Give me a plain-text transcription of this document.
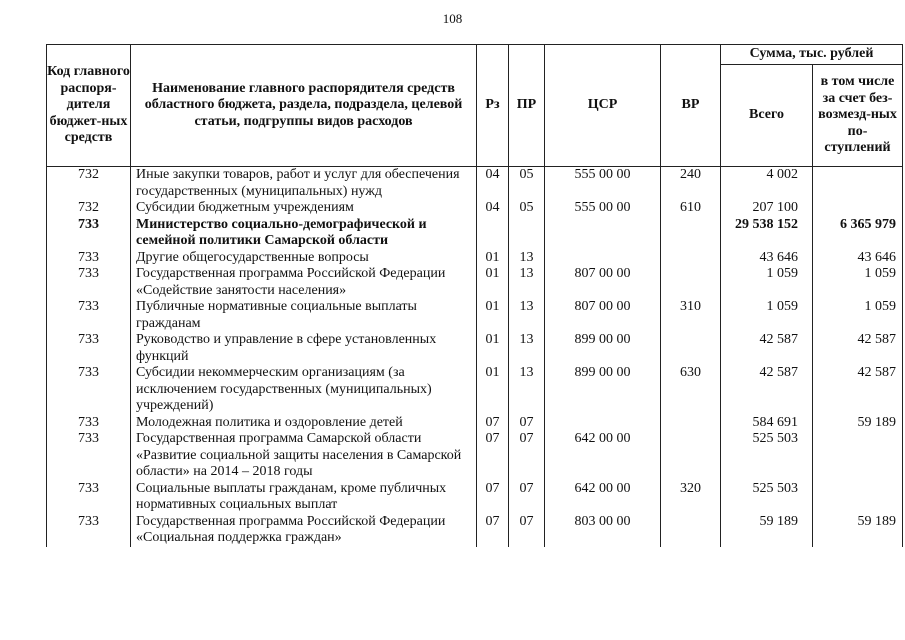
108
Код главного распоря-дителя бюджет-ных средств	Наименование главного распорядителя средств областного бюджета, раздела, подраздела, целевой статьи, подгруппы видов расходов	Рз	ПР	ЦСР	ВР	Сумма, тыс. рублей	
						Всего	в том числе за счет без-возмезд-ных по-ступлений
732	Иные закупки товаров, работ и услуг для обеспечения государственных (муниципальных) нужд	04	05	555 00 00	240	4 002	
732	Субсидии бюджетным учреждениям	04	05	555 00 00	610	207 100	
733	Министерство социально-демографической и семейной политики Самарской области					29 538 152	6 365 979
733	Другие общегосударственные вопросы	01	13			43 646	43 646
733	Государственная программа Российской Федерации «Содействие занятости населения»	01	13	807 00 00		1 059	1 059
733	Публичные нормативные социальные выплаты гражданам	01	13	807 00 00	310	1 059	1 059
733	Руководство и управление в сфере установленных функций	01	13	899 00 00		42 587	42 587
733	Субсидии некоммерческим организациям (за исключением государственных (муниципальных) учреждений)	01	13	899 00 00	630	42 587	42 587
733	Молодежная политика и оздоровление детей	07	07			584 691	59 189
733	Государственная программа Самарской области «Развитие социальной защиты населения в Самарской области» на 2014 – 2018 годы	07	07	642 00 00		525 503	
733	Социальные выплаты гражданам, кроме публичных нормативных социальных выплат	07	07	642 00 00	320	525 503	
733	Государственная программа Российской Федерации «Социальная поддержка граждан»	07	07	803 00 00		59 189	59 189
